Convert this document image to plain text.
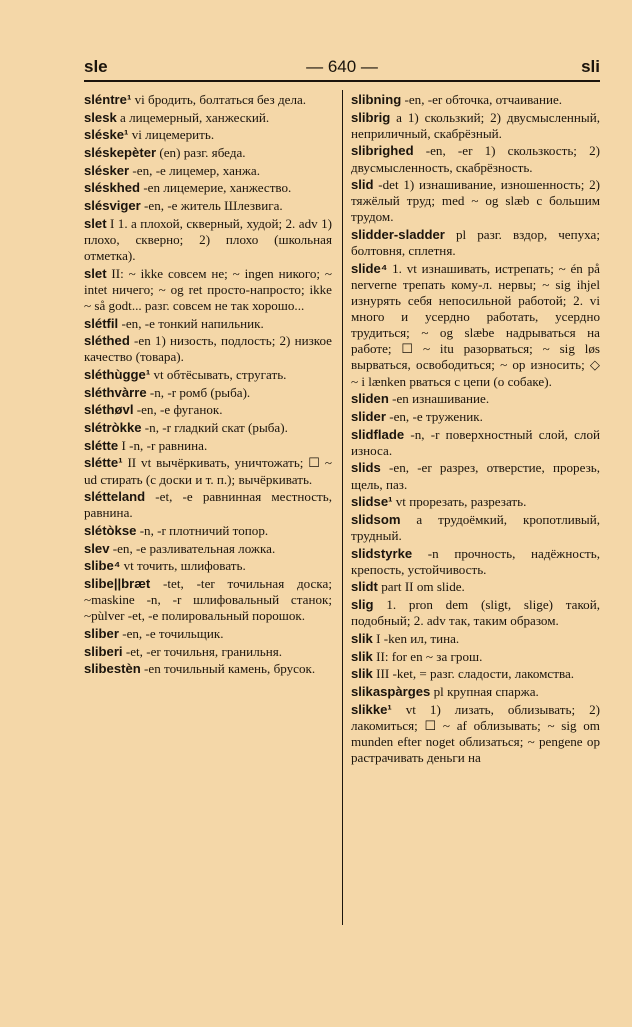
sle	— 640 —	sli
sléntre¹ vi бродить, болтаться без дела.
slesk a лицемерный, ханжеский.
sléske¹ vi лицемерить.
sléskepèter (en) разг. ябеда.
slésker -en, -e лицемер, ханжа.
sléskhed -en лицемерие, ханжество.
slésviger -en, -e житель Шлезвига.
slet I 1. a плохой, скверный, худой; 2. adv 1) плохо, скверно; 2) плохо (школьная отметка).
slet II: ~ ikke совсем не; ~ ingen никого; ~ intet ничего; ~ og ret просто-напросто; ikke ~ så godt... разг. совсем не так хорошо...
slétfil -en, -e тонкий напильник.
sléthed -en 1) низость, подлость; 2) низкое качество (товара).
sléthùgge¹ vt обтёсывать, стругать.
sléthvàrre -n, -r ромб (рыба).
sléthøvl -en, -e фуганок.
slétròkke -n, -r гладкий скат (рыба).
slétte I -n, -r равнина.
slétte¹ II vt вычёркивать, уничтожать; ☐ ~ ud стирать (с доски и т. п.); вычёркивать.
slétteland -et, -e равнинная местность, равнина.
slétòkse -n, -r плотничий топор.
slev -en, -e разливательная ложка.
slibe⁴ vt точить, шлифовать.
slibe||bræt -tet, -ter точильная доска; ~maskine -n, -r шлифовальный станок; ~pùlver -et, -e полировальный порошок.
sliber -en, -e точильщик.
sliberi -et, -er точильня, гранильня.
slibestèn -en точильный камень, брусок.
slibning -en, -er обточка, отчаивание.
slibrig a 1) скользкий; 2) двусмысленный, неприличный, скабрёзный.
slibrighed -en, -er 1) скользкость; 2) двусмысленность, скабрёзность.
slid -det 1) изнашивание, изношенность; 2) тяжёлый труд; med ~ og slæb с большим трудом.
slidder-sladder pl разг. вздор, чепуха; болтовня, сплетня.
slide⁴ 1. vt изнашивать, истрепать; ~ én på nerverne трепать кому-л. нервы; ~ sig ihjel изнурять себя непосильной работой; 2. vi много и усердно работать, усердно трудиться; ~ og slæbe надрываться на работе; ☐ ~ itu разорваться; ~ sig løs вырваться, освободиться; ~ op износить; ◇ ~ i lænken рваться с цепи (о собаке).
sliden -en изнашивание.
slider -en, -e труженик.
slidflade -n, -r поверхностный слой, слой износа.
slids -en, -er разрез, отверстие, прорезь, щель, паз.
slidse¹ vt прорезать, разрезать.
slidsom a трудоёмкий, кропотливый, трудный.
slidstyrke -n прочность, надёжность, крепость, устойчивость.
slidt part II om slide.
slig 1. pron dem (sligt, slige) такой, подобный; 2. adv так, таким образом.
slik I -ken ил, тина.
slik II: for en ~ за грош.
slik III -ket, = разг. сладости, лакомства.
slikaspàrges pl крупная спаржа.
slikke¹ vt 1) лизать, облизывать; 2) лакомиться; ☐ ~ af облизывать; ~ sig om munden efter noget облизаться; ~ pengene op растрачивать деньги на
